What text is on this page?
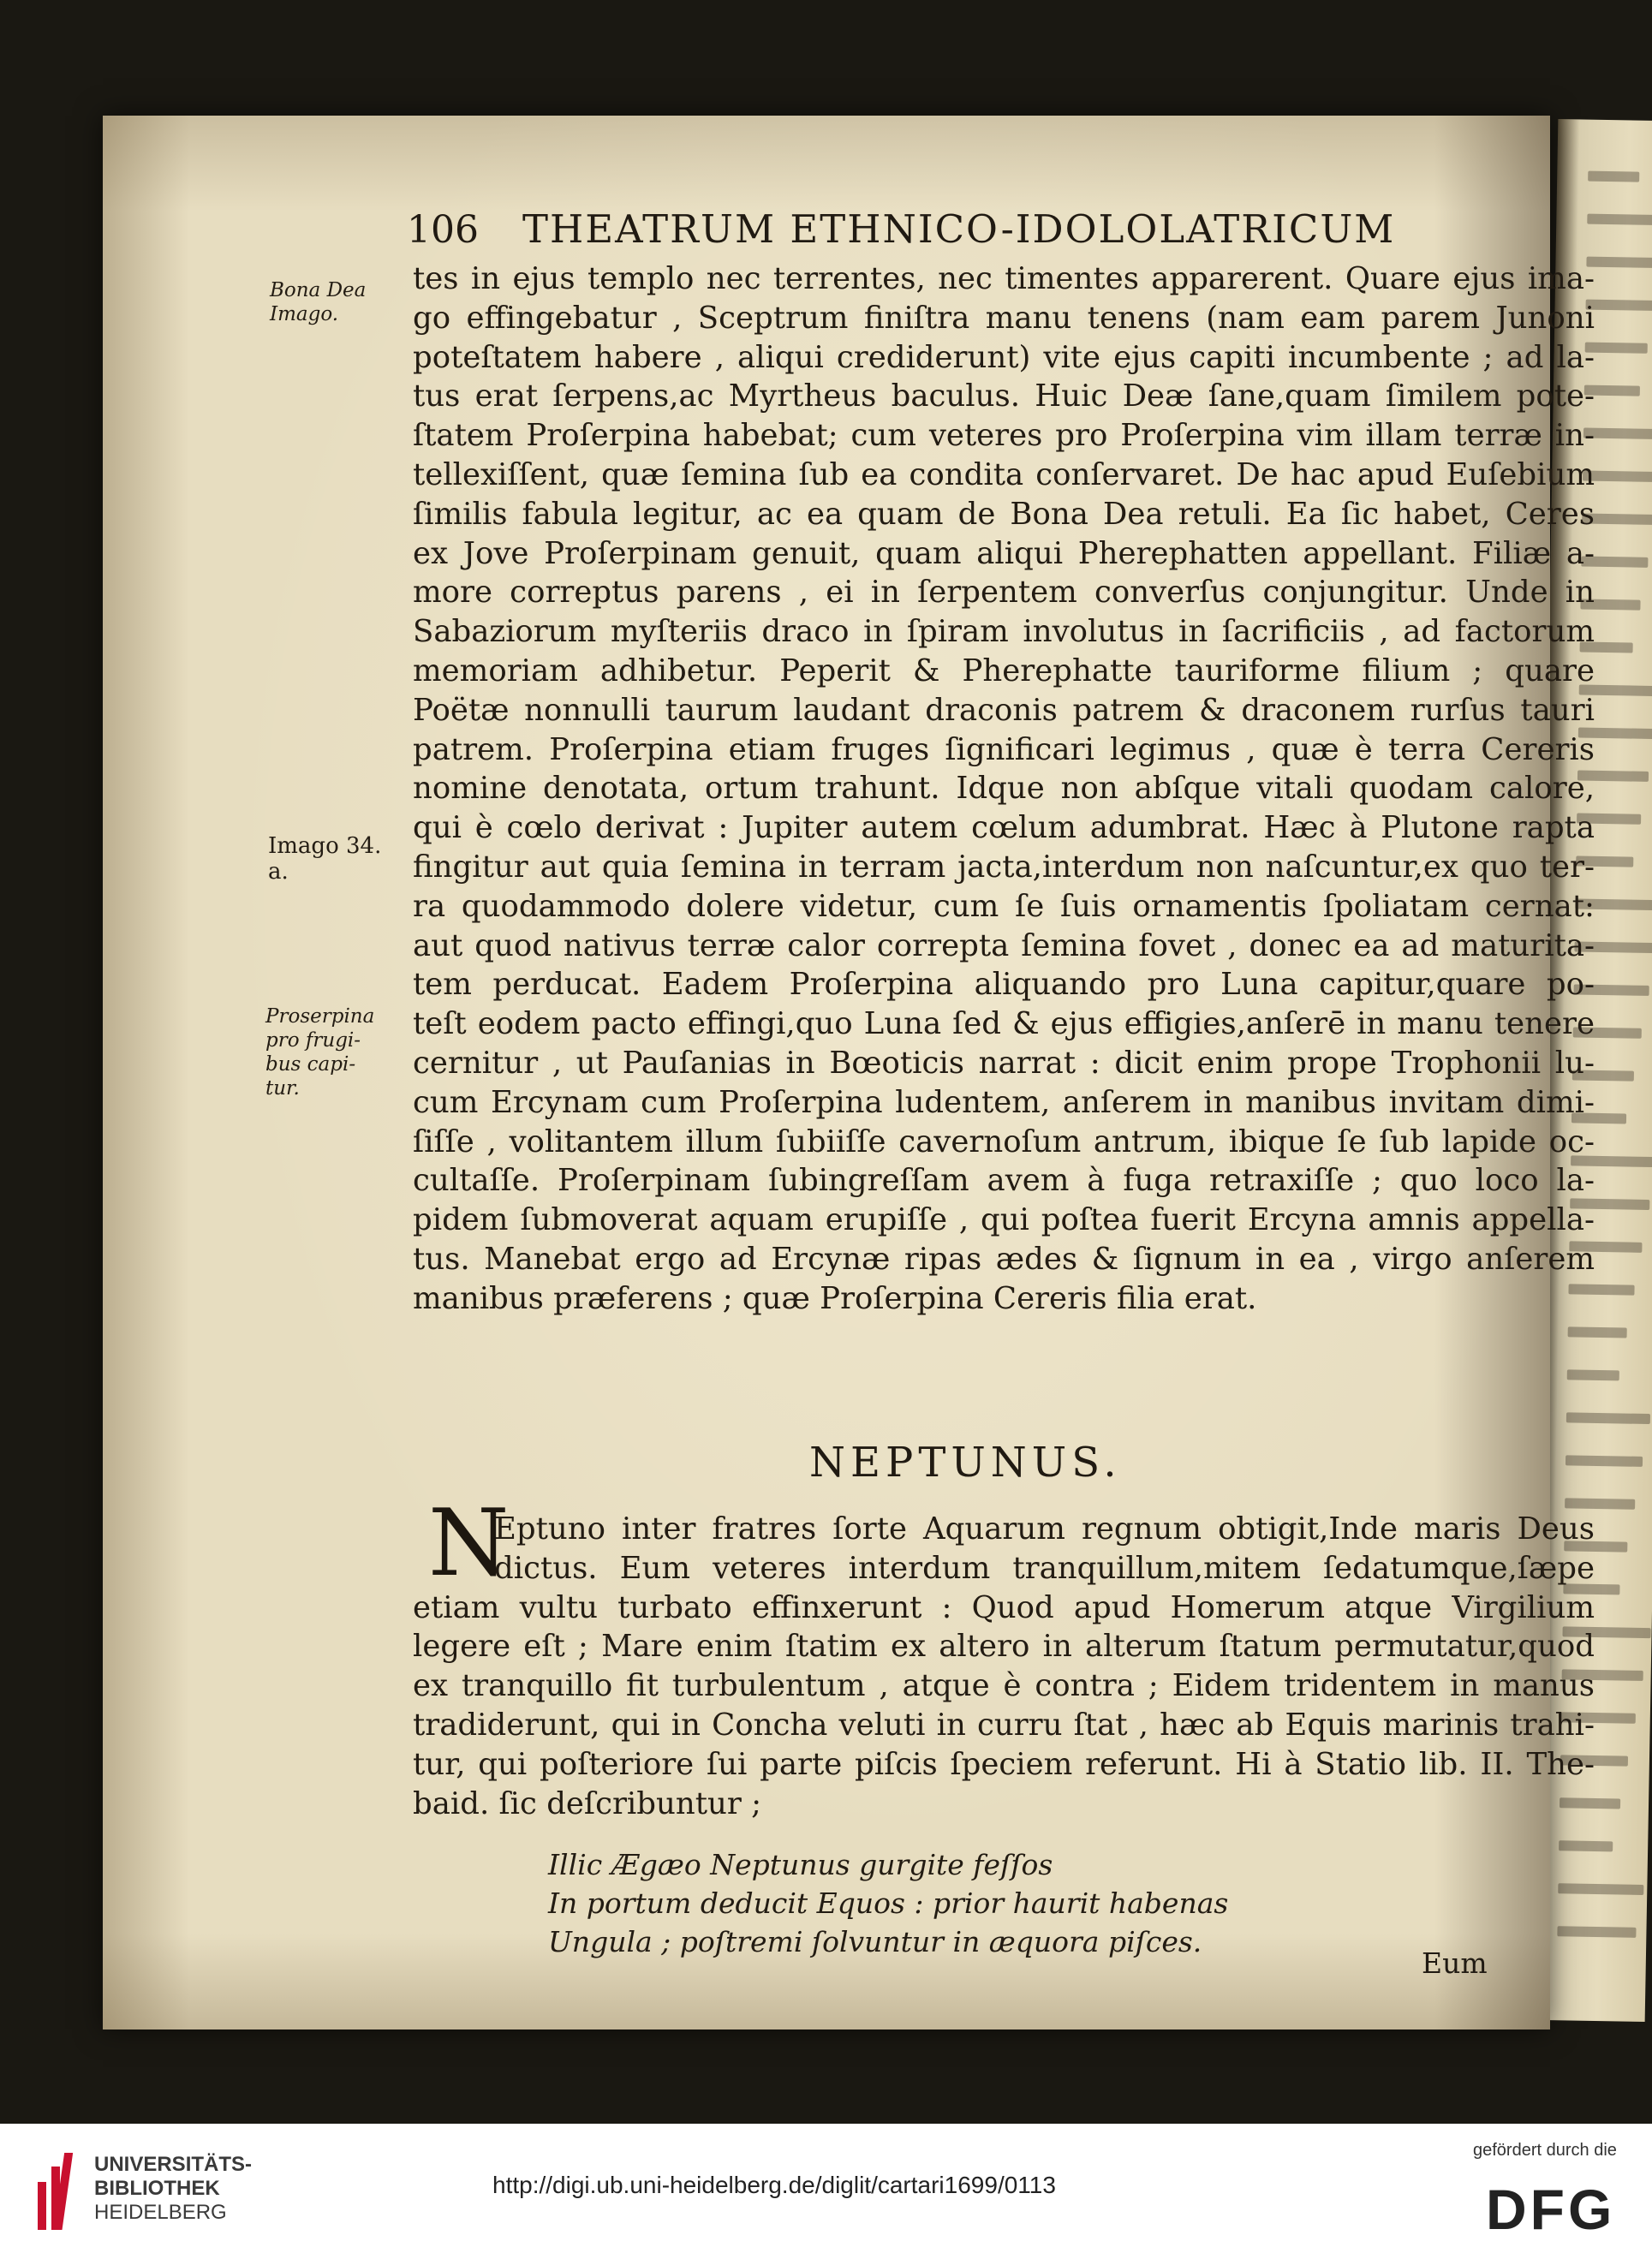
106 THEATRUM ETHNICO-IDOLOLATRICUM
Bona Dea
Imago.
Imago 34.
a.
Proserpina
pro frugi-
bus capi-
tur.
tes in ejus templo nec terrentes, nec timentes apparerent. Quare ejus ima-
go effingebatur , Sceptrum finiſtra manu tenens (nam eam parem Junoni
poteſtatem habere , aliqui crediderunt) vite ejus capiti incumbente ; ad la-
tus erat ſerpens,ac Myrtheus baculus. Huic Deæ ſane,quam ſimilem pote-
ſtatem Proſerpina habebat; cum veteres pro Proſerpina vim illam terræ in-
tellexiſſent, quæ ſemina ſub ea condita conſervaret. De hac apud Euſebium
ſimilis fabula legitur, ac ea quam de Bona Dea retuli. Ea ſic habet, Ceres
ex Jove Proſerpinam genuit, quam aliqui Pherephatten appellant. Filiæ a-
more correptus parens , ei in ſerpentem converſus conjungitur. Unde in
Sabaziorum myſteriis draco in ſpiram involutus in ſacrificiis , ad factorum
memoriam adhibetur. Peperit & Pherephatte tauriforme filium ; quare
Poëtæ nonnulli taurum laudant draconis patrem & draconem rurſus tauri
patrem. Proſerpina etiam fruges ſignificari legimus , quæ è terra Cereris
nomine denotata, ortum trahunt. Idque non abſque vitali quodam calore,
qui è cœlo derivat : Jupiter autem cœlum adumbrat. Hæc à Plutone rapta
fingitur aut quia ſemina in terram jacta,interdum non naſcuntur,ex quo ter-
ra quodammodo dolere videtur, cum ſe ſuis ornamentis ſpoliatam cernat:
aut quod nativus terræ calor correpta ſemina fovet , donec ea ad maturita-
tem perducat. Eadem Proſerpina aliquando pro Luna capitur,quare po-
teſt eodem pacto effingi,quo Luna ſed & ejus effigies,anſerē in manu tenere
cernitur , ut Pauſanias in Bœoticis narrat : dicit enim prope Trophonii lu-
cum Ercynam cum Proſerpina ludentem, anſerem in manibus invitam dimi-
ſiſſe , volitantem illum ſubiiſſe cavernoſum antrum, ibique ſe ſub lapide oc-
cultaſſe. Proſerpinam ſubingreſſam avem à fuga retraxiſſe ; quo loco la-
pidem ſubmoverat aquam erupiſſe , qui poſtea fuerit Ercyna amnis appella-
tus. Manebat ergo ad Ercynæ ripas ædes & ſignum in ea , virgo anſerem
manibus præferens ; quæ Proſerpina Cereris filia erat.
NEPTUNUS.
N
Eptuno inter fratres ſorte Aquarum regnum obtigit,Inde maris Deus
dictus. Eum veteres interdum tranquillum,mitem ſedatumque,ſæpe
etiam vultu turbato effinxerunt : Quod apud Homerum atque Virgilium
legere eſt ; Mare enim ſtatim ex altero in alterum ſtatum permutatur,quod
ex tranquillo fit turbulentum , atque è contra ; Eidem tridentem in manus
tradiderunt, qui in Concha veluti in curru ſtat , hæc ab Equis marinis trahi-
tur, qui poſteriore ſui parte piſcis ſpeciem referunt. Hi à Statio lib. II. The-
baid. ſic deſcribuntur ;
Illic Ægæo Neptunus gurgite feſſos
In portum deducit Equos : prior haurit habenas
Ungula ; poſtremi ſolvuntur in æquora piſces.
Eum
UNIVERSITÄTS-
BIBLIOTHEK
HEIDELBERG
http://digi.ub.uni-heidelberg.de/diglit/cartari1699/0113
gefördert durch die
DFG
